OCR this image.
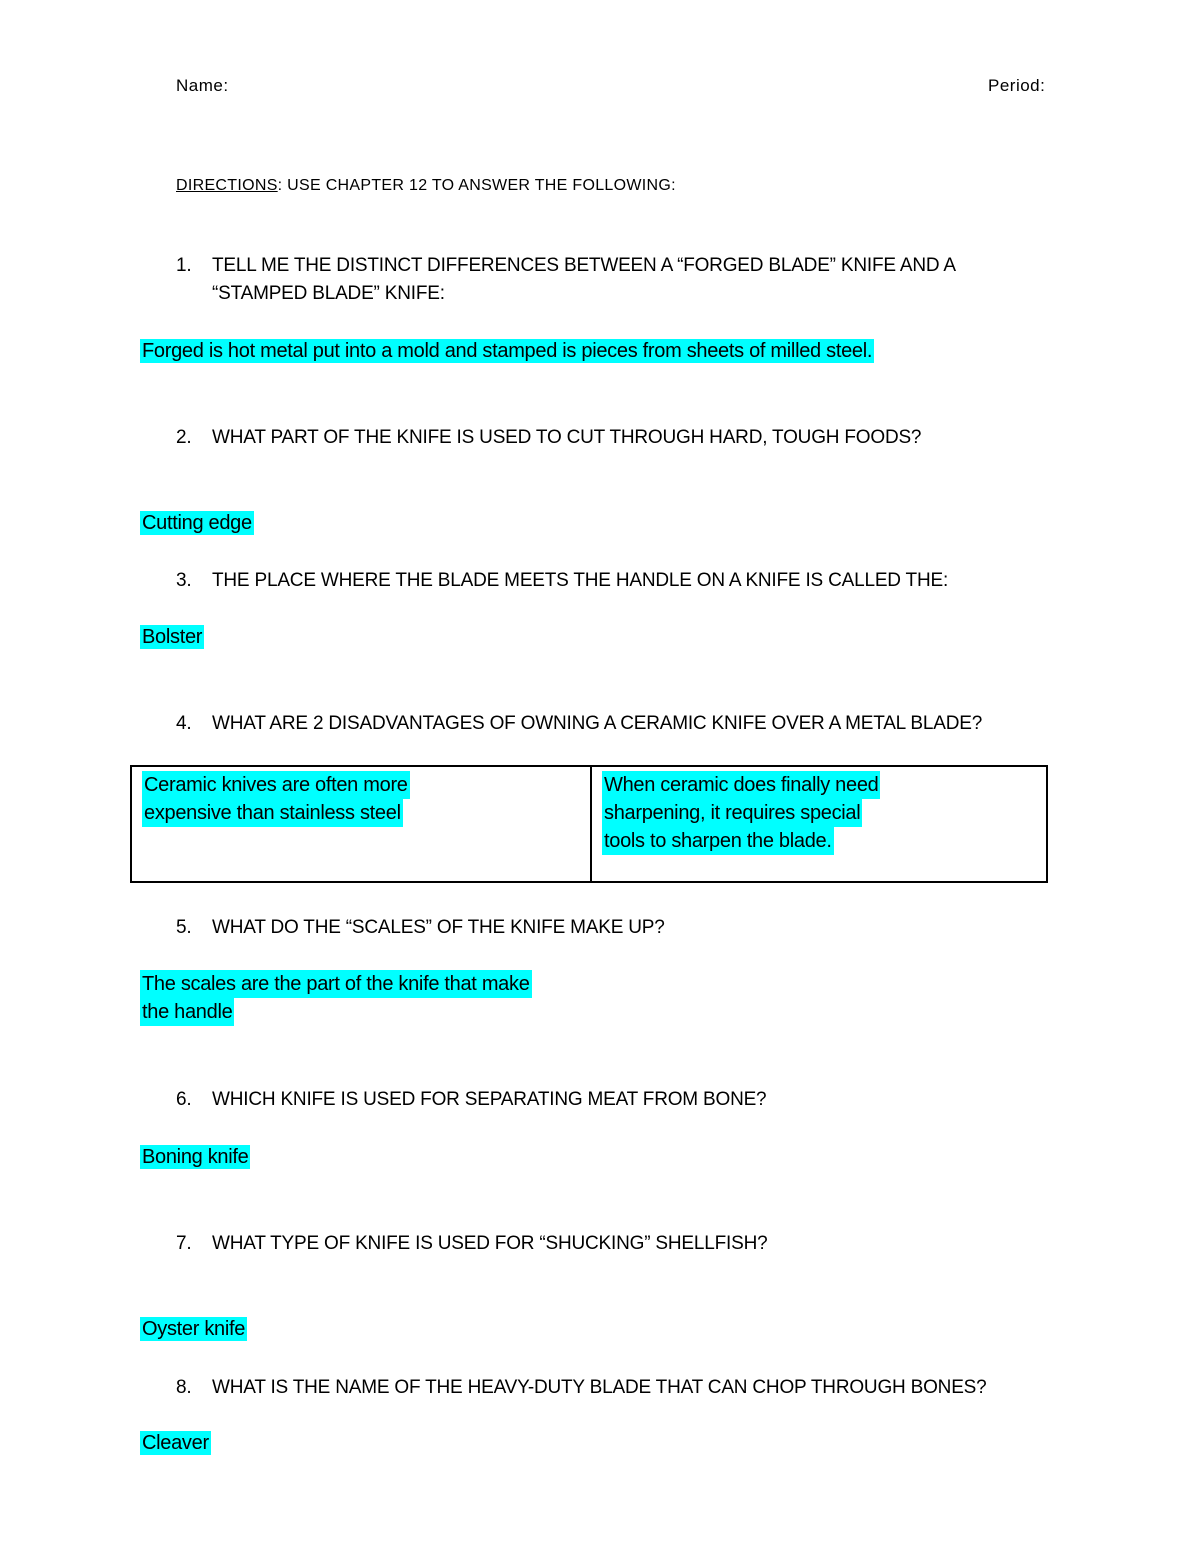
Name:	Period:
DIRECTIONS: USE CHAPTER 12 TO ANSWER THE FOLLOWING:
1.	TELL ME THE DISTINCT DIFFERENCES BETWEEN A “FORGED BLADE” KNIFE AND A
“STAMPED BLADE” KNIFE:
Forged is hot metal put into a mold and stamped is pieces from sheets of milled steel.
2.	WHAT PART OF THE KNIFE IS USED TO CUT THROUGH HARD, TOUGH FOODS?
Cutting edge
3.	THE PLACE WHERE THE BLADE MEETS THE HANDLE ON A KNIFE IS CALLED THE:
Bolster
4.	WHAT ARE 2 DISADVANTAGES OF OWNING A CERAMIC KNIFE OVER A METAL BLADE?
Ceramic knives are often more
expensive than stainless steel	When ceramic does finally need
sharpening, it requires special
tools to sharpen the blade.
5.	WHAT DO THE “SCALES” OF THE KNIFE MAKE UP?
The scales are the part of the knife that make
the handle
6.	WHICH KNIFE IS USED FOR SEPARATING MEAT FROM BONE?
Boning knife
7.	WHAT TYPE OF KNIFE IS USED FOR “SHUCKING” SHELLFISH?
Oyster knife
8.	WHAT IS THE NAME OF THE HEAVY-DUTY BLADE THAT CAN CHOP THROUGH BONES?
Cleaver
